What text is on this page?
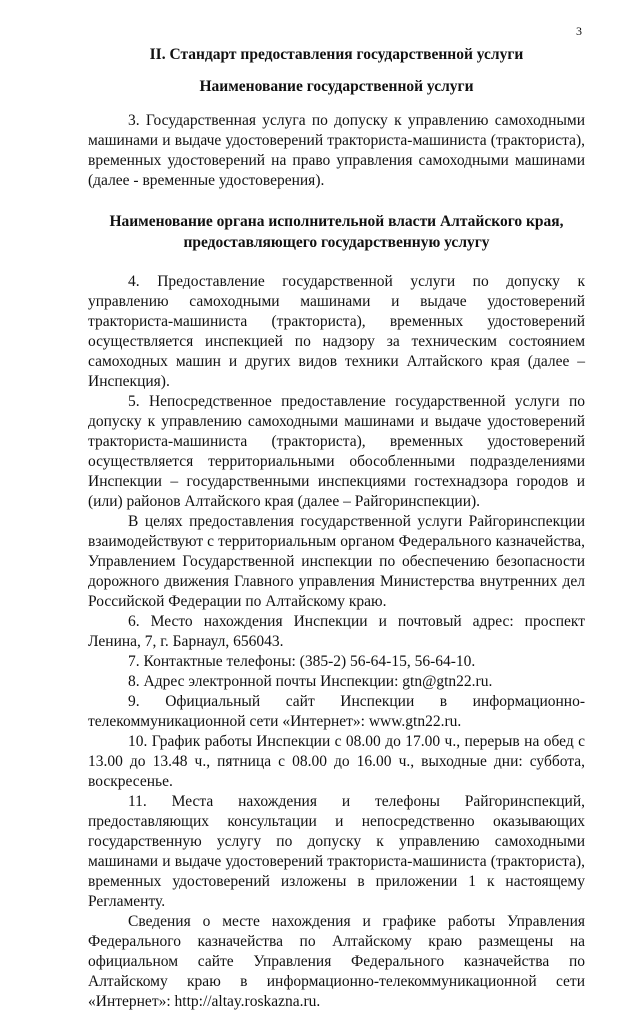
3
II. Стандарт предоставления государственной услуги
Наименование государственной услуги

3. Государственная услуга по допуску к управлению самоходными машинами и выдаче удостоверений тракториста-машиниста (тракториста), временных удостоверений на право управления самоходными машинами (далее - временные удостоверения).

Наименование органа исполнительной власти Алтайского края, предоставляющего государственную услугу

4. Предоставление государственной услуги по допуску к управлению самоходными машинами и выдаче удостоверений тракториста-машиниста (тракториста), временных удостоверений осуществляется инспекцией по надзору за техническим состоянием самоходных машин и других видов техники Алтайского края (далее – Инспекция).

5. Непосредственное предоставление государственной услуги по допуску к управлению самоходными машинами и выдаче удостоверений тракториста-машиниста (тракториста), временных удостоверений осуществляется территориальными обособленными подразделениями Инспекции – государственными инспекциями гостехнадзора городов и (или) районов Алтайского края (далее – Райгоринспекции).

В целях предоставления государственной услуги Райгоринспекции взаимодействуют с территориальным органом Федерального казначейства, Управлением Государственной инспекции по обеспечению безопасности дорожного движения Главного управления Министерства внутренних дел Российской Федерации по Алтайскому краю.

6. Место нахождения Инспекции и почтовый адрес: проспект Ленина, 7, г. Барнаул, 656043.

7. Контактные телефоны: (385-2) 56-64-15, 56-64-10.

8. Адрес электронной почты Инспекции: gtn@gtn22.ru.

9. Официальный сайт Инспекции в информационно-телекоммуникационной сети «Интернет»: www.gtn22.ru.

10. График работы Инспекции с 08.00 до 17.00 ч., перерыв на обед с 13.00 до 13.48 ч., пятница с 08.00 до 16.00 ч., выходные дни: суббота, воскресенье.

11. Места нахождения и телефоны Райгоринспекций, предоставляющих консультации и непосредственно оказывающих государственную услугу по допуску к управлению самоходными машинами и выдаче удостоверений тракториста-машиниста (тракториста), временных удостоверений изложены в приложении 1 к настоящему Регламенту.

Сведения о месте нахождения и графике работы Управления Федерального казначейства по Алтайскому краю размещены на официальном сайте Управления Федерального казначейства по Алтайскому краю в информационно-телекоммуникационной сети «Интернет»: http://altay.roskazna.ru.
